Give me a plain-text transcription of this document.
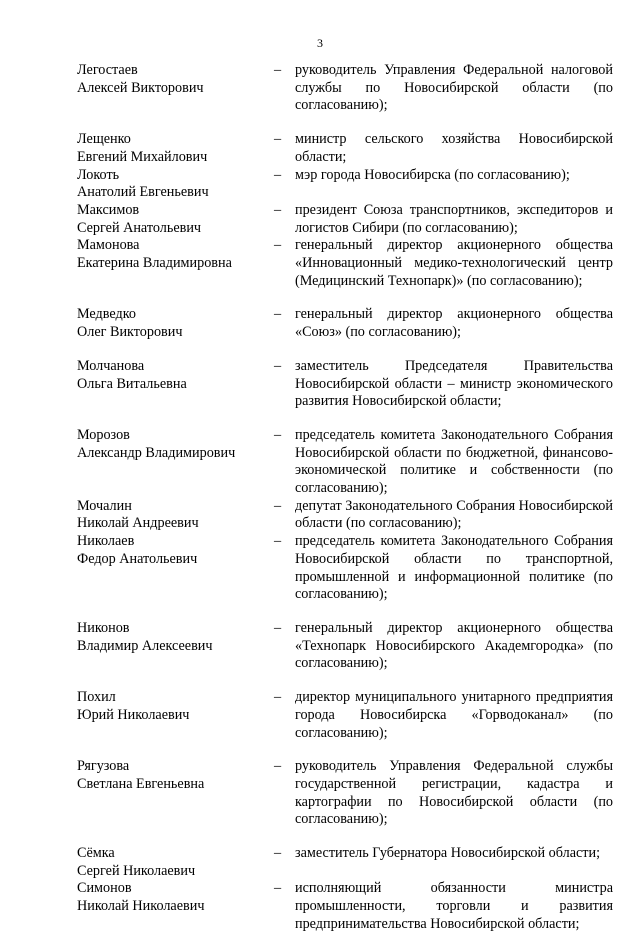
3
Легостаев
Алексей Викторович
– руководитель Управления Федеральной налоговой службы по Новосибирской области (по согласованию);
Лещенко
Евгений Михайлович
– министр сельского хозяйства Новосибирской области;
Локоть
Анатолий Евгеньевич
– мэр города Новосибирска (по согласованию);
Максимов
Сергей Анатольевич
– президент Союза транспортников, экспедиторов и логистов Сибири (по согласованию);
Мамонова
Екатерина Владимировна
– генеральный директор акционерного общества «Инновационный медико-технологический центр (Медицинский Технопарк)» (по согласованию);
Медведко
Олег Викторович
– генеральный директор акционерного общества «Союз» (по согласованию);
Молчанова
Ольга Витальевна
– заместитель Председателя Правительства Новосибирской области – министр экономического развития Новосибирской области;
Морозов
Александр Владимирович
– председатель комитета Законодательного Собрания Новосибирской области по бюджетной, финансово-экономической политике и собственности (по согласованию);
Мочалин
Николай Андреевич
– депутат Законодательного Собрания Новосибирской области (по согласованию);
Николаев
Федор Анатольевич
– председатель комитета Законодательного Собрания Новосибирской области по транспортной, промышленной и информационной политике (по согласованию);
Никонов
Владимир Алексеевич
– генеральный директор акционерного общества «Технопарк Новосибирского Академгородка» (по согласованию);
Похил
Юрий Николаевич
– директор муниципального унитарного предприятия города Новосибирска «Горводоканал» (по согласованию);
Рягузова
Светлана Евгеньевна
– руководитель Управления Федеральной службы государственной регистрации, кадастра и картографии по Новосибирской области (по согласованию);
Сёмка
Сергей Николаевич
– заместитель Губернатора Новосибирской области;
Симонов
Николай Николаевич
– исполняющий обязанности министра промышленности, торговли и развития предпринимательства Новосибирской области;
